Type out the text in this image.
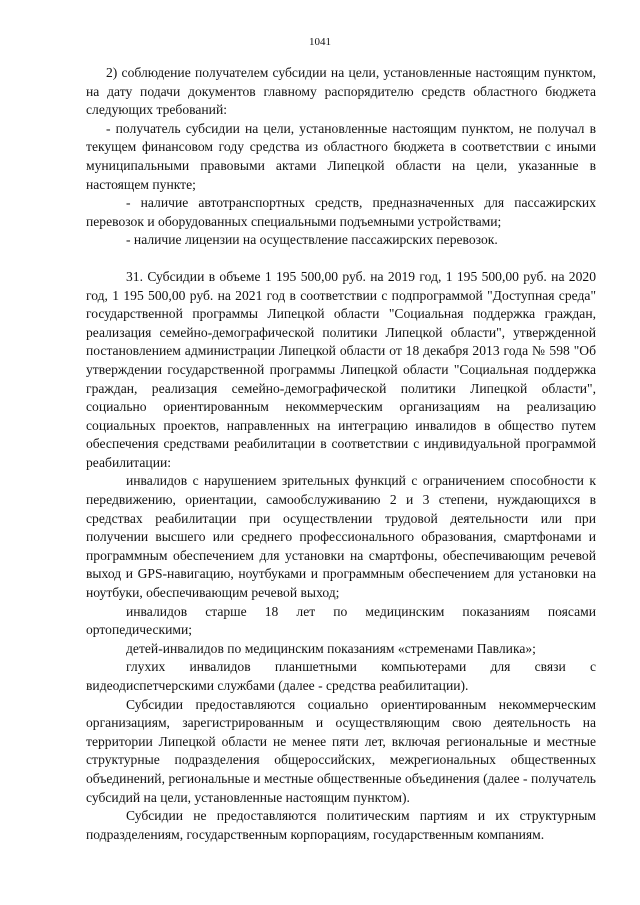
1041

2) соблюдение получателем субсидии на цели, установленные настоящим пунктом, на дату подачи документов главному распорядителю средств областного бюджета следующих требований:

- получатель субсидии на цели, установленные настоящим пунктом, не получал в текущем финансовом году средства из областного бюджета в соответствии с иными муниципальными правовыми актами Липецкой области на цели, указанные в настоящем пункте;

- наличие автотранспортных средств, предназначенных для пассажирских перевозок и оборудованных специальными подъемными устройствами;

- наличие лицензии на осуществление пассажирских перевозок.

31. Субсидии в объеме 1 195 500,00 руб. на 2019 год, 1 195 500,00 руб. на 2020 год, 1 195 500,00 руб. на 2021 год в соответствии с подпрограммой "Доступная среда" государственной программы Липецкой области "Социальная поддержка граждан, реализация семейно-демографической политики Липецкой области", утвержденной постановлением администрации Липецкой области от 18 декабря 2013 года № 598 "Об утверждении государственной программы Липецкой области "Социальная поддержка граждан, реализация семейно-демографической политики Липецкой области", социально ориентированным некоммерческим организациям на реализацию социальных проектов, направленных на интеграцию инвалидов в общество путем обеспечения средствами реабилитации в соответствии с индивидуальной программой реабилитации:

инвалидов с нарушением зрительных функций с ограничением способности к передвижению, ориентации, самообслуживанию 2 и 3 степени, нуждающихся в средствах реабилитации при осуществлении трудовой деятельности или при получении высшего или среднего профессионального образования, смартфонами и программным обеспечением для установки на смартфоны, обеспечивающим речевой выход и GPS-навигацию, ноутбуками и программным обеспечением для установки на ноутбуки, обеспечивающим речевой выход;

инвалидов старше 18 лет по медицинским показаниям поясами ортопедическими;

детей-инвалидов по медицинским показаниям «стременами Павлика»;

глухих инвалидов планшетными компьютерами для связи с видеодиспетчерскими службами (далее - средства реабилитации).

Субсидии предоставляются социально ориентированным некоммерческим организациям, зарегистрированным и осуществляющим свою деятельность на территории Липецкой области не менее пяти лет, включая региональные и местные структурные подразделения общероссийских, межрегиональных общественных объединений, региональные и местные общественные объединения (далее - получатель субсидий на цели, установленные настоящим пунктом).

Субсидии не предоставляются политическим партиям и их структурным подразделениям, государственным корпорациям, государственным компаниям.
